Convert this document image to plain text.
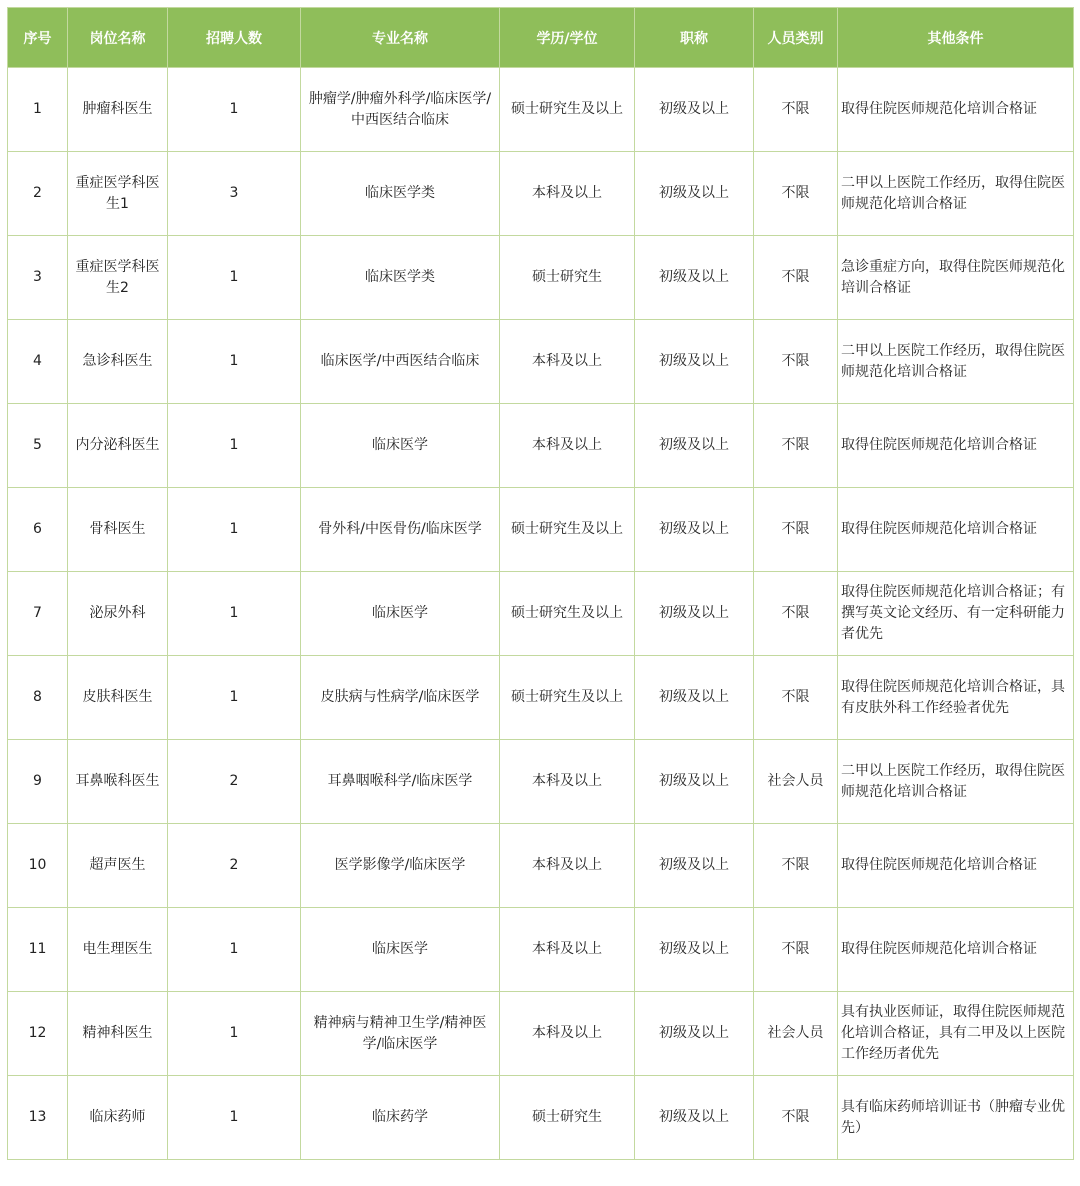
序号	岗位名称	招聘人数	专业名称	学历/学位	职称	人员类别	其他条件
1	肿瘤科医生	1	肿瘤学/肿瘤外科学/临床医学/中西医结合临床	硕士研究生及以上	初级及以上	不限	取得住院医师规范化培训合格证
2	重症医学科医生1	3	临床医学类	本科及以上	初级及以上	不限	二甲以上医院工作经历，取得住院医师规范化培训合格证
3	重症医学科医生2	1	临床医学类	硕士研究生	初级及以上	不限	急诊重症方向，取得住院医师规范化培训合格证
4	急诊科医生	1	临床医学/中西医结合临床	本科及以上	初级及以上	不限	二甲以上医院工作经历，取得住院医师规范化培训合格证
5	内分泌科医生	1	临床医学	本科及以上	初级及以上	不限	取得住院医师规范化培训合格证
6	骨科医生	1	骨外科/中医骨伤/临床医学	硕士研究生及以上	初级及以上	不限	取得住院医师规范化培训合格证
7	泌尿外科	1	临床医学	硕士研究生及以上	初级及以上	不限	取得住院医师规范化培训合格证；有撰写英文论文经历、有一定科研能力者优先
8	皮肤科医生	1	皮肤病与性病学/临床医学	硕士研究生及以上	初级及以上	不限	取得住院医师规范化培训合格证，具有皮肤外科工作经验者优先
9	耳鼻喉科医生	2	耳鼻咽喉科学/临床医学	本科及以上	初级及以上	社会人员	二甲以上医院工作经历，取得住院医师规范化培训合格证
10	超声医生	2	医学影像学/临床医学	本科及以上	初级及以上	不限	取得住院医师规范化培训合格证
11	电生理医生	1	临床医学	本科及以上	初级及以上	不限	取得住院医师规范化培训合格证
12	精神科医生	1	精神病与精神卫生学/精神医学/临床医学	本科及以上	初级及以上	社会人员	具有执业医师证，取得住院医师规范化培训合格证，具有二甲及以上医院工作经历者优先
13	临床药师	1	临床药学	硕士研究生	初级及以上	不限	具有临床药师培训证书（肿瘤专业优先）
